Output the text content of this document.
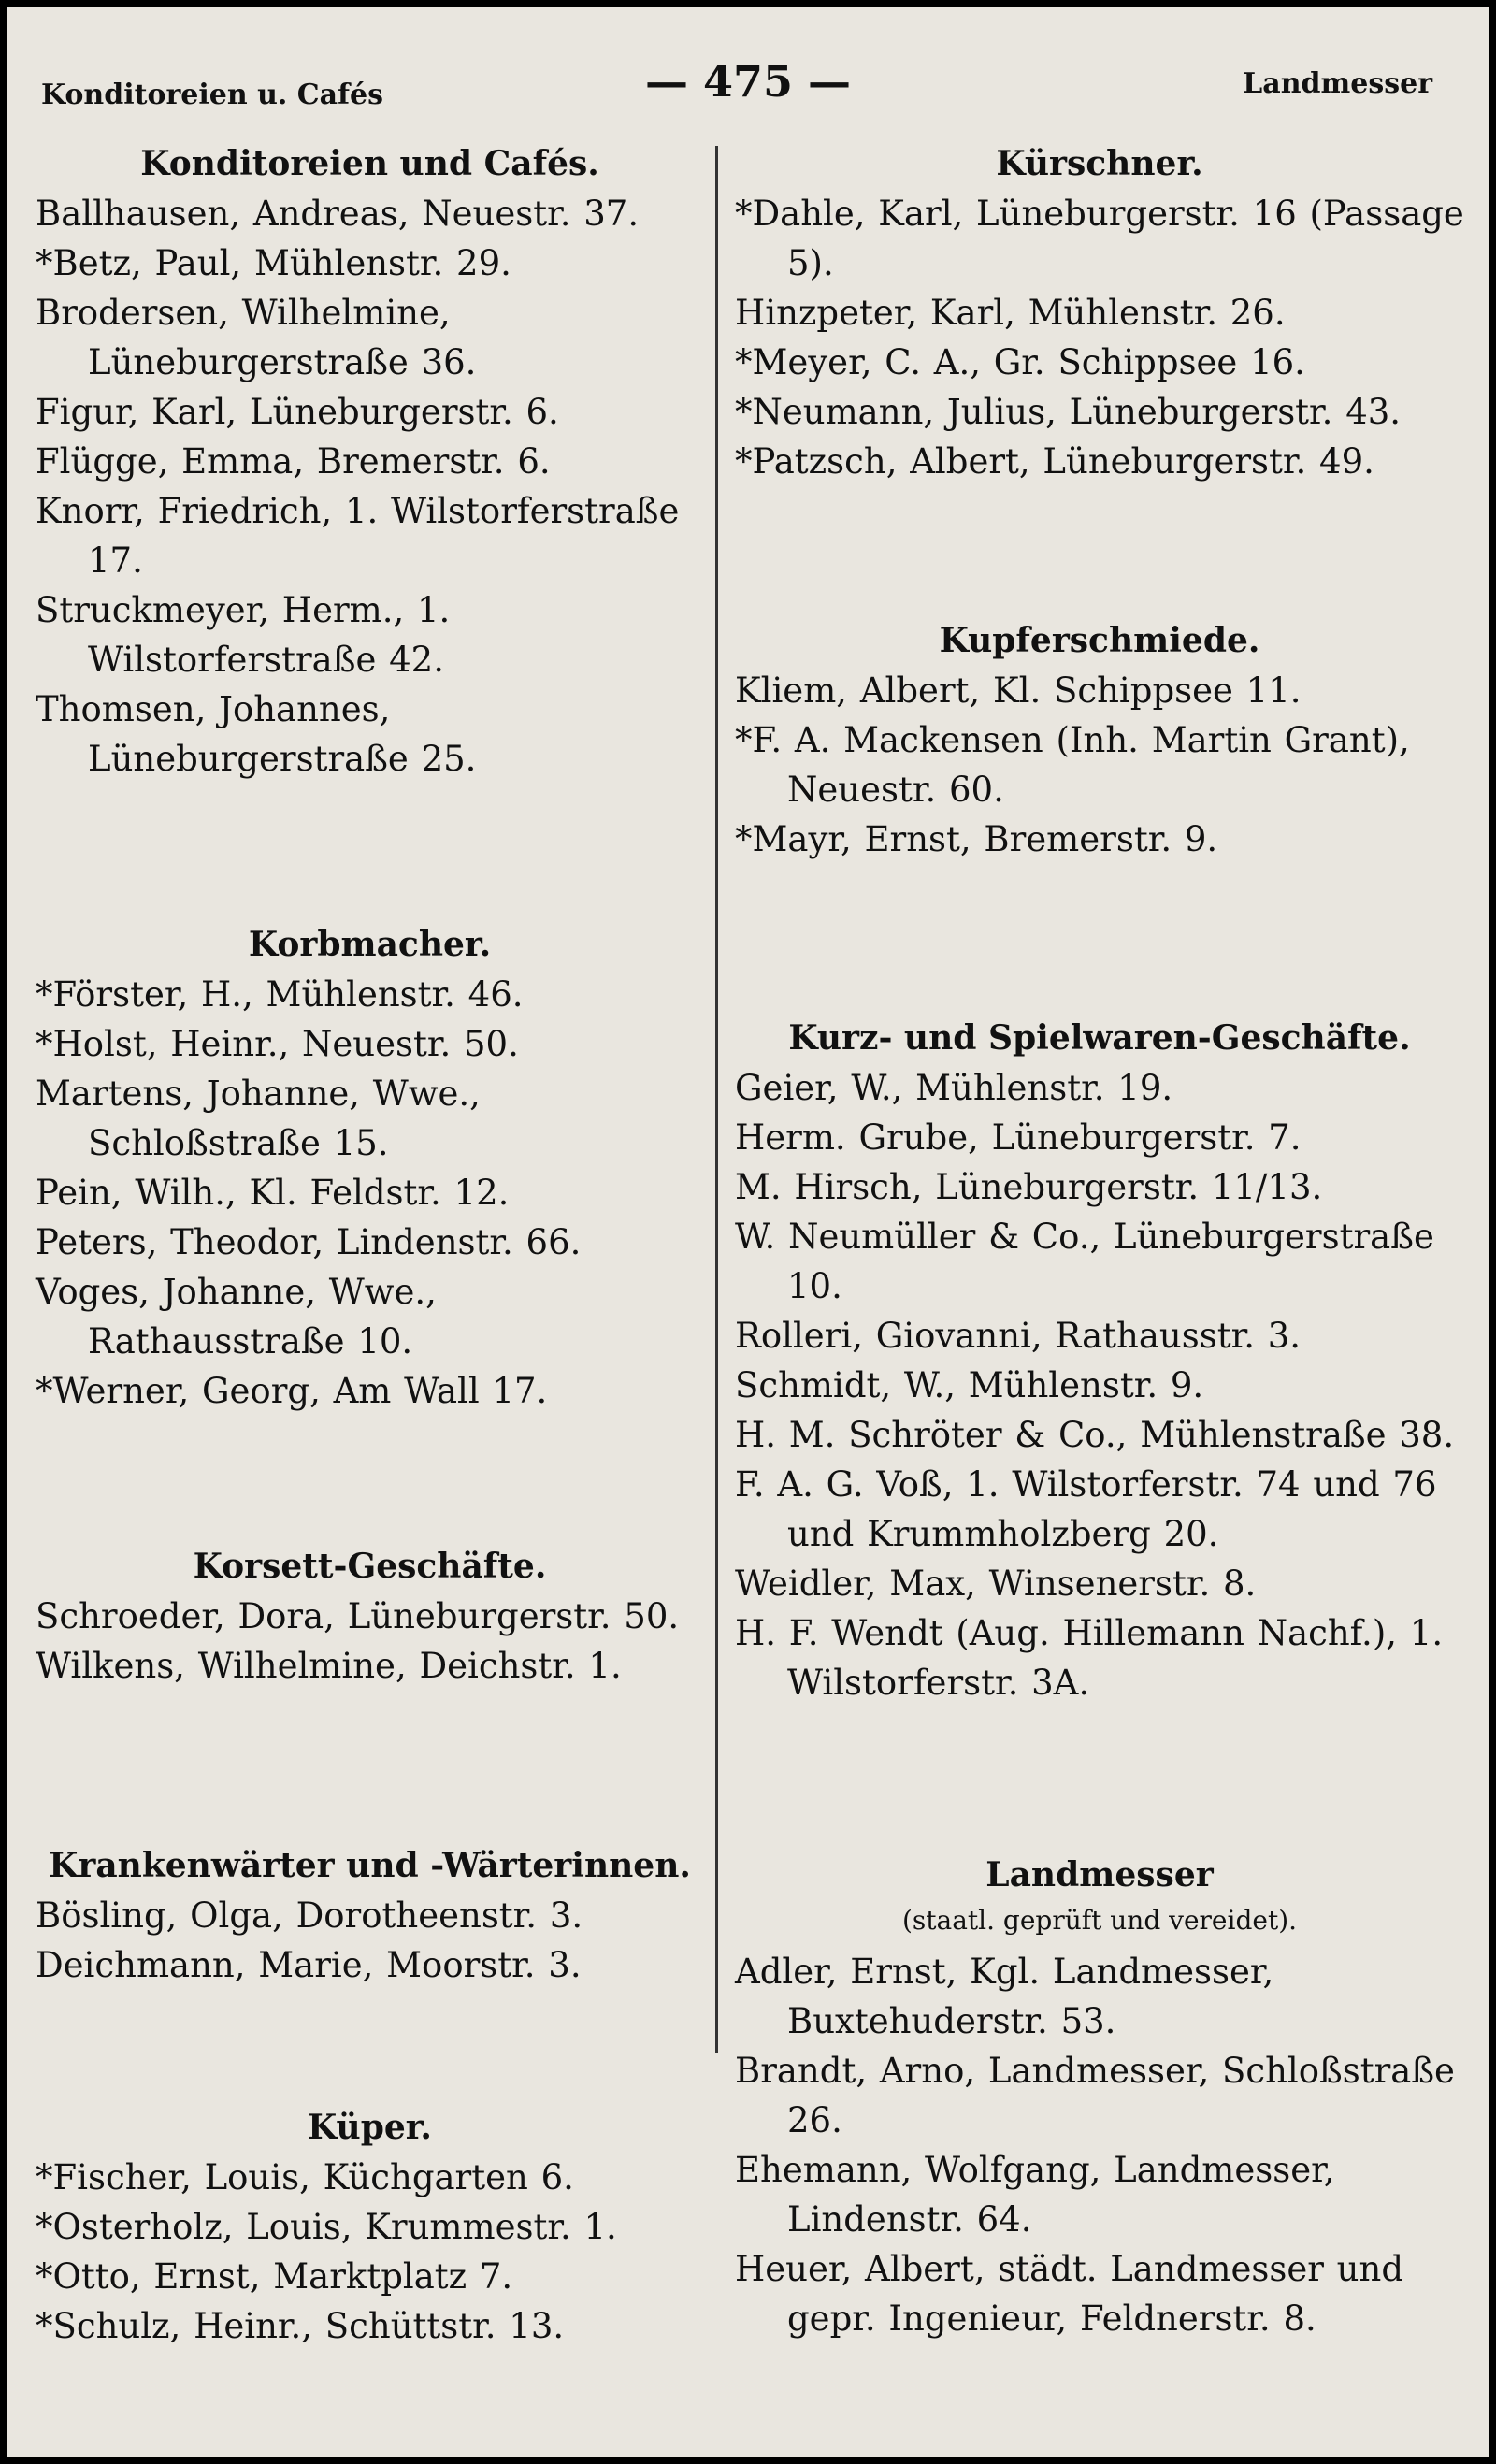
Konditoreien u. Cafés	— 475 —	Landmesser
Konditoreien und Cafés.

Ballhausen, Andreas, Neuestr. 37.

*Betz, Paul, Mühlenstr. 29.

Brodersen, Wilhelmine, Lüneburgerstraße 36.

Figur, Karl, Lüneburgerstr. 6.

Flügge, Emma, Bremerstr. 6.

Knorr, Friedrich, 1. Wilstorferstraße 17.

Struckmeyer, Herm., 1. Wilstorferstraße 42.

Thomsen, Johannes, Lüneburgerstraße 25.

Korbmacher.

*Förster, H., Mühlenstr. 46.

*Holst, Heinr., Neuestr. 50.

Martens, Johanne, Wwe., Schloßstraße 15.

Pein, Wilh., Kl. Feldstr. 12.

Peters, Theodor, Lindenstr. 66.

Voges, Johanne, Wwe., Rathausstraße 10.

*Werner, Georg, Am Wall 17.

Korsett-Geschäfte.

Schroeder, Dora, Lüneburgerstr. 50.

Wilkens, Wilhelmine, Deichstr. 1.

Krankenwärter und -Wärterinnen.

Bösling, Olga, Dorotheenstr. 3.

Deichmann, Marie, Moorstr. 3.

Küper.

*Fischer, Louis, Küchgarten 6.

*Osterholz, Louis, Krummestr. 1.

*Otto, Ernst, Marktplatz 7.

*Schulz, Heinr., Schüttstr. 13.

Kürschner.

*Dahle, Karl, Lüneburgerstr. 16 (Passage 5).

Hinzpeter, Karl, Mühlenstr. 26.

*Meyer, C. A., Gr. Schippsee 16.

*Neumann, Julius, Lüneburgerstr. 43.

*Patzsch, Albert, Lüneburgerstr. 49.

Kupferschmiede.

Kliem, Albert, Kl. Schippsee 11.

*F. A. Mackensen (Inh. Martin Grant), Neuestr. 60.

*Mayr, Ernst, Bremerstr. 9.

Kurz- und Spielwaren-Geschäfte.

Geier, W., Mühlenstr. 19.

Herm. Grube, Lüneburgerstr. 7.

M. Hirsch, Lüneburgerstr. 11/13.

W. Neumüller & Co., Lüneburgerstraße 10.

Rolleri, Giovanni, Rathausstr. 3.

Schmidt, W., Mühlenstr. 9.

H. M. Schröter & Co., Mühlenstraße 38.

F. A. G. Voß, 1. Wilstorferstr. 74 und 76 und Krummholzberg 20.

Weidler, Max, Winsenerstr. 8.

H. F. Wendt (Aug. Hillemann Nachf.), 1. Wilstorferstr. 3A.

Landmesser

(staatl. geprüft und vereidet).

Adler, Ernst, Kgl. Landmesser, Buxtehuderstr. 53.

Brandt, Arno, Landmesser, Schloßstraße 26.

Ehemann, Wolfgang, Landmesser, Lindenstr. 64.

Heuer, Albert, städt. Landmesser und gepr. Ingenieur, Feldnerstr. 8.
